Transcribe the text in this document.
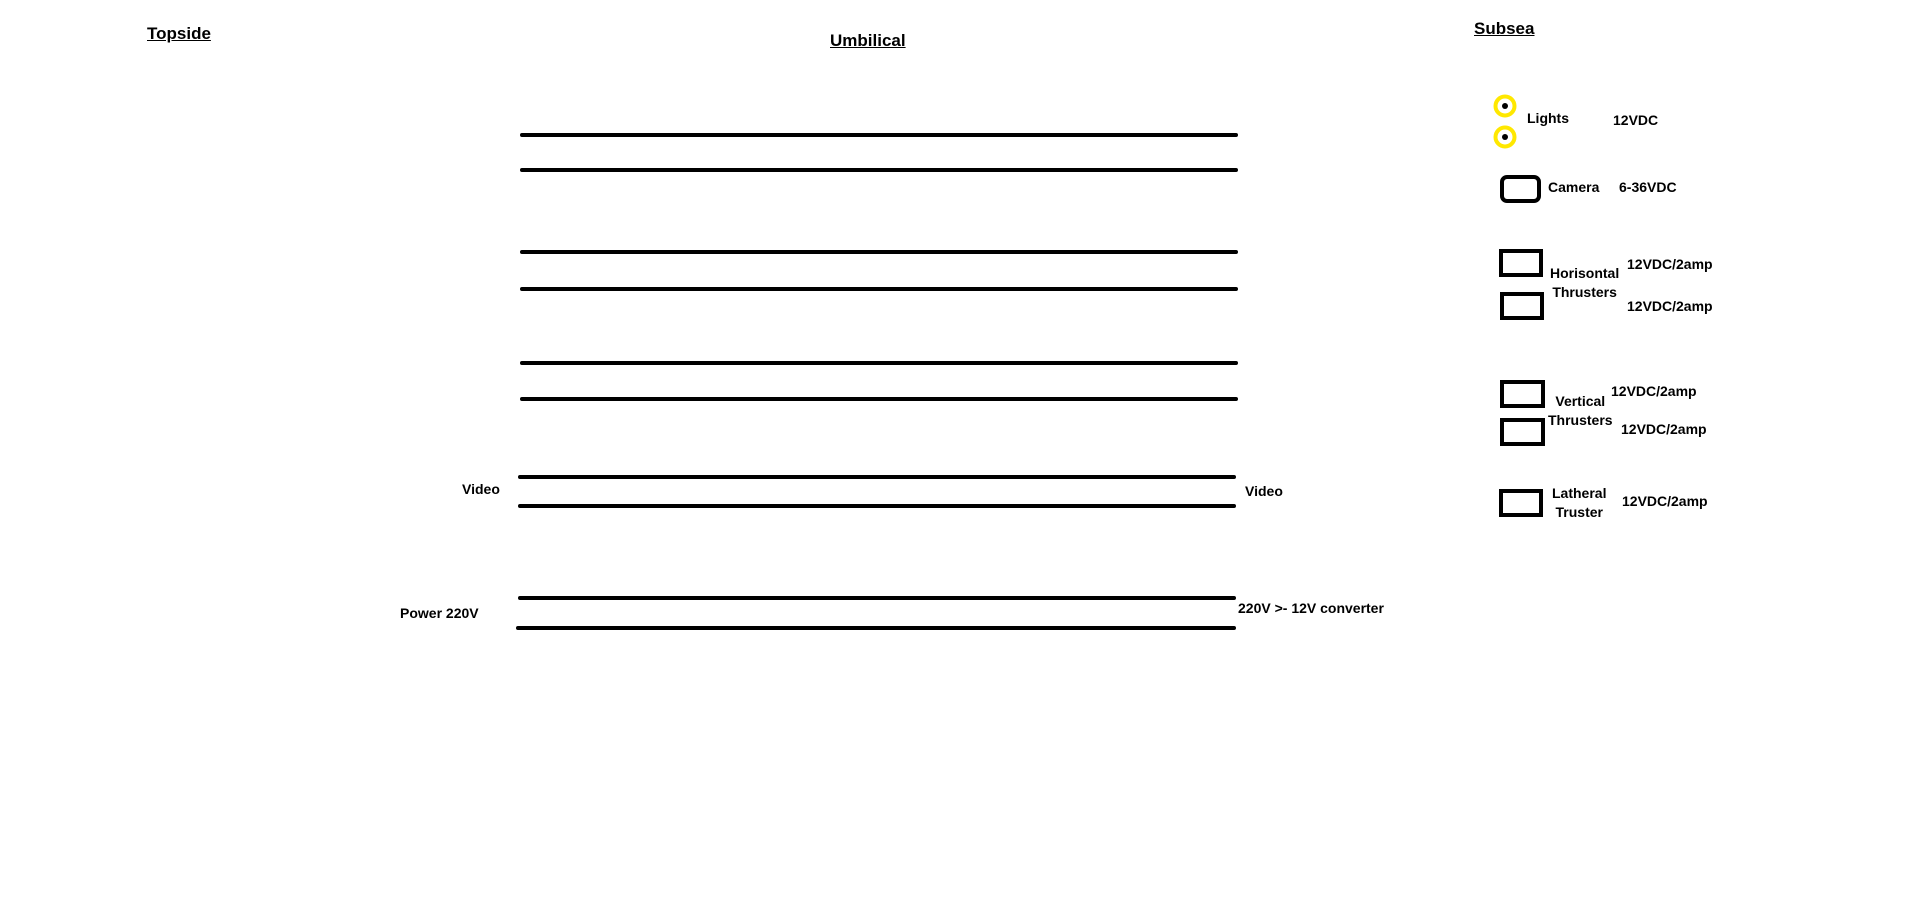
Topside	Umbilical
Subsea
Video	Video
Power 220V	220V >- 12V converter
Lights	12VDC
Camera 6-36VDC
Horisontal
Thrusters
12VDC/2amp
12VDC/2amp
Vertical
Thrusters
12VDC/2amp
12VDC/2amp
Latheral
Truster
12VDC/2amp
